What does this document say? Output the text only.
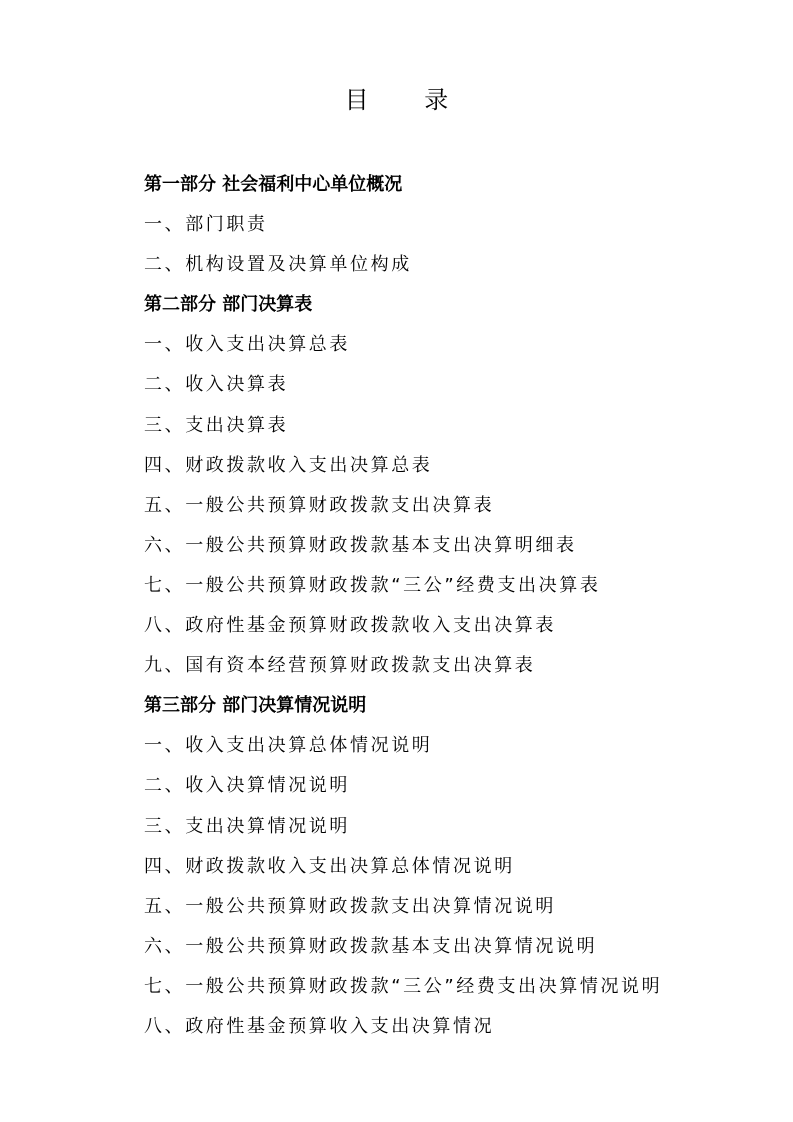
目 录
第一部分 社会福利中心单位概况
一、部门职责
二、机构设置及决算单位构成
第二部分 部门决算表
一、收入支出决算总表
二、收入决算表
三、支出决算表
四、财政拨款收入支出决算总表
五、一般公共预算财政拨款支出决算表
六、一般公共预算财政拨款基本支出决算明细表
七、一般公共预算财政拨款“三公”经费支出决算表
八、政府性基金预算财政拨款收入支出决算表
九、国有资本经营预算财政拨款支出决算表
第三部分 部门决算情况说明
一、收入支出决算总体情况说明
二、收入决算情况说明
三、支出决算情况说明
四、财政拨款收入支出决算总体情况说明
五、一般公共预算财政拨款支出决算情况说明
六、一般公共预算财政拨款基本支出决算情况说明
七、一般公共预算财政拨款“三公”经费支出决算情况说明
八、政府性基金预算收入支出决算情况
